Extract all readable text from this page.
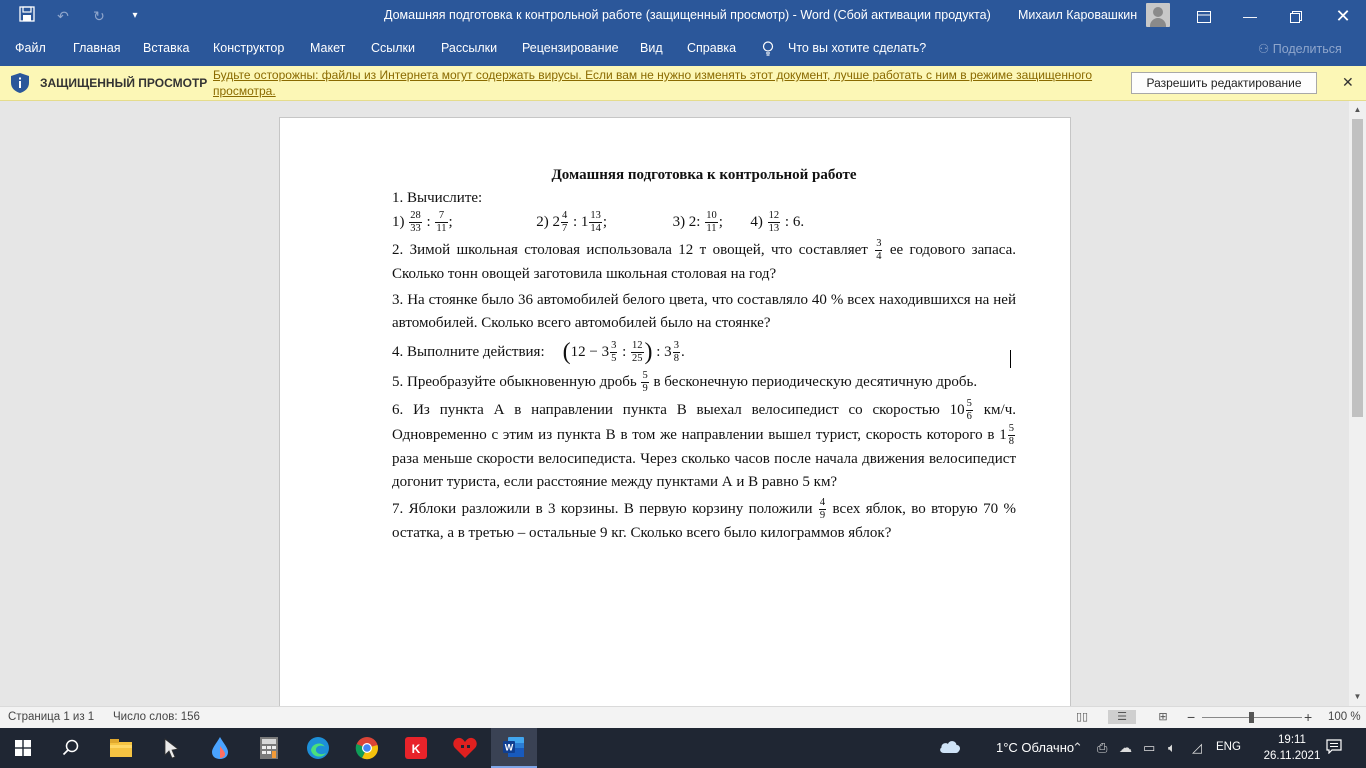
↶	↻	▾	Домашняя подготовка к контрольной работе (защищенный просмотр) - Word (Сбой активации продукта) Михаил Каровашкин	—	✕
Файл Главная Вставка Конструктор Макет Ссылки Рассылки Рецензирование Вид Справка	Что вы хотите сделать?	⚇ Поделиться
ЗАЩИЩЕННЫЙ ПРОСМОТР
Будьте осторожны: файлы из Интернета могут содержать вирусы. Если вам не нужно изменять этот документ, лучше работать с ним в режиме защищенного просмотра.
Разрешить редактирование	✕
Домашняя подготовка к контрольной работе
1. Вычислите:
$1) \frac{28}{33}$ : $\frac{7}{11}$ ;	2) $2 \frac{4}{7}$ : $1 \frac{13}{14}$ ;	3) 2: $\frac{10}{11}$ ; $4) \frac{12}{13}$ : 6.
2. Зимой школьная столовая использовала 12 т овощей, что составляет $\frac{3}{4}$ ее годового запаса. Сколько тонн овощей заготовила школьная столовая на год?
3. На стоянке было 36 автомобилей белого цвета, что составляло 40 % всех находившихся на ней автомобилей. Сколько всего автомобилей было на стоянке?
4. Выполните действия: ($12 - 3 \frac{3}{5}$ : $\frac{12}{25}$ ) : $3 \frac{3}{8}$ .
5. Преобразуйте обыкновенную дробь $\frac{5}{9}$ в бесконечную периодическую десятичную дробь.
6. Из пункта А в направлении пункта В выехал велосипедист со скоростью $10 \frac{5}{6} км/ч$. Одновременно с этим из пункта В в том же направлении вышел турист, скорость которого в $1 \frac{5}{8}$
раза меньше скорости велосипедиста. Через сколько часов после начала движения велосипедист догонит туриста, если расстояние между пунктами А и В равно 5 км?
7. Яблоки разложили в 3 корзины. В первую корзину положили $\frac{4}{9}$ всех яблок, во вторую 70 % остатка, а в третью – остальные 9 кг. Сколько всего было килограммов яблок?
▲
▼
Страница 1 из 1 Число слов: 156	▯▯	☰	⊞ −	+ 100 %
K	W	1°C Облачно
⌃ ⎙ ☁ ▭ 🔈︎ ◿ ENG
19:11
26.11.2021
